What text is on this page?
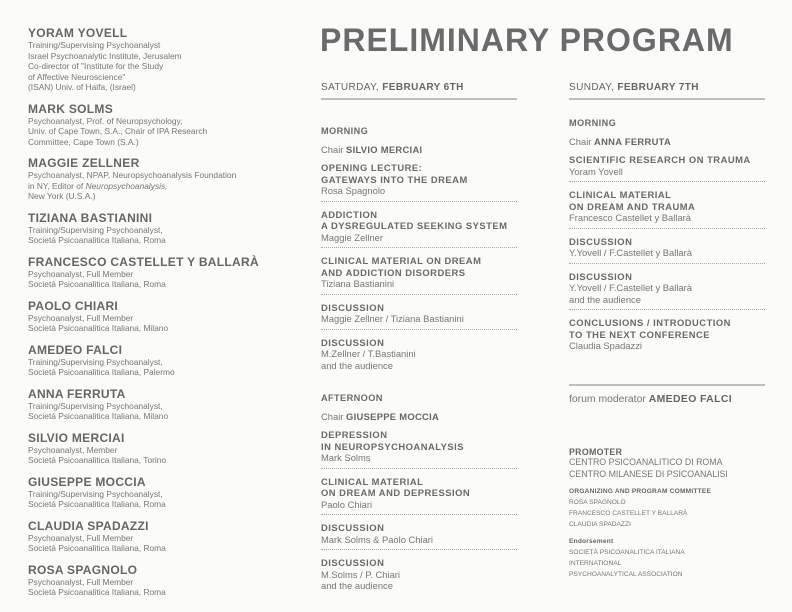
YORAM YOVELL
Training/Supervising Psychoanalyst
Israel Psychoanalytic Institute, Jerusalem
Co-director of "Institute for the Study
of Affective Neuroscience"
(ISAN) Univ. of Haifa, (Israel)
MARK SOLMS
Psychoanalyst, Prof. of Neuropsychology,
Univ. of Cape Town, S.A., Chair of IPA Research
Committee, Cape Town (S.A.)
MAGGIE ZELLNER
Psychoanalyst, NPAP, Neuropsychoanalysis Foundation
in NY, Editor of Neuropsychoanalysis,
New York (U.S.A.)
TIZIANA BASTIANINI
Training/Supervising Psychoanalyst,
Società Psicoanalitica Italiana, Roma
FRANCESCO CASTELLET Y BALLARÀ
Psychoanalyst, Full Member
Società Psicoanalitica Italiana, Roma
PAOLO CHIARI
Psychoanalyst, Full Member
Società Psicoanalitica Italiana, Milano
AMEDEO FALCI
Training/Supervising Psychoanalyst,
Società Psicoanalitica Italiana, Palermo
ANNA FERRUTA
Training/Supervising Psychoanalyst,
Società Psicoanalitica Italiana, Milano
SILVIO MERCIAI
Psychoanalyst, Member
Società Psicoanalitica Italiana, Torino
GIUSEPPE MOCCIA
Training/Supervising Psychoanalyst,
Società Psicoanalitica Italiana, Roma
CLAUDIA SPADAZZI
Psychoanalyst, Full Member
Società Psicoanalitica Italiana, Roma
ROSA SPAGNOLO
Psychoanalyst, Full Member
Società Psicoanalitica Italiana, Roma
PRELIMINARY PROGRAM
SATURDAY, FEBRUARY 6TH
MORNING
Chair SILVIO MERCIAI
OPENING LECTURE:
GATEWAYS INTO THE DREAM
Rosa Spagnolo
ADDICTION
A DYSREGULATED SEEKING SYSTEM
Maggie Zellner
CLINICAL MATERIAL ON DREAM
AND ADDICTION DISORDERS
Tiziana Bastianini
DISCUSSION
Maggie Zellner / Tiziana Bastianini
DISCUSSION
M.Zellner / T.Bastianini
and the audience
AFTERNOON
Chair GIUSEPPE MOCCIA
DEPRESSION
IN NEUROPSYCHOANALYSIS
Mark Solms
CLINICAL MATERIAL
ON DREAM AND DEPRESSION
Paolo Chiari
DISCUSSION
Mark Solms & Paolo Chiari
DISCUSSION
M.Solms / P. Chiari
and the audience
SUNDAY, FEBRUARY 7TH
MORNING
Chair ANNA FERRUTA
SCIENTIFIC RESEARCH ON TRAUMA
Yoram Yovell
CLINICAL MATERIAL
ON DREAM AND TRAUMA
Francesco Castellet y Ballarà
DISCUSSION
Y.Yovell / F.Castellet y Ballarà
DISCUSSION
Y.Yovell / F.Castellet y Ballarà
and the audience
CONCLUSIONS / INTRODUCTION
TO THE NEXT CONFERENCE
Claudia Spadazzi
forum moderator AMEDEO FALCI
PROMOTER
CENTRO PSICOANALITICO DI ROMA
CENTRO MILANESE DI PSICOANALISI
ORGANIZING AND PROGRAM COMMITTEE
ROSA SPAGNOLO
FRANCESCO CASTELLET Y BALLARÀ
CLAUDIA SPADAZZI
Endorsement
SOCIETÀ PSICOANALITICA ITALIANA
INTERNATIONAL
PSYCHOANALYTICAL ASSOCIATION
